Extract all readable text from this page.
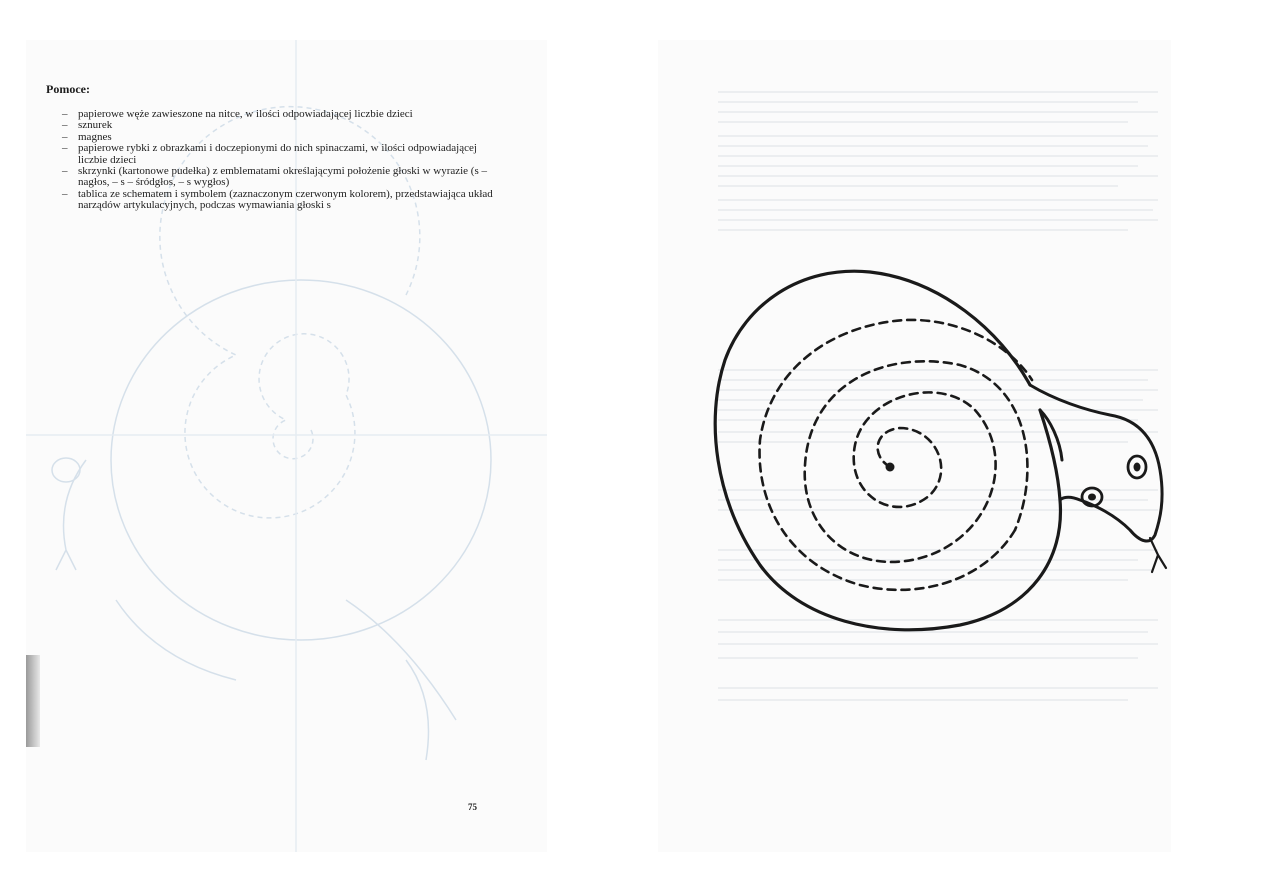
Pomoce:
– papierowe węże zawieszone na nitce, w ilości odpowiadającej liczbie dzieci
– sznurek
– magnes
– papierowe rybki z obrazkami i doczepionymi do nich spinaczami, w ilości odpowiadającej liczbie dzieci
– skrzynki (kartonowe pudełka) z emblematami określającymi położenie głoski w wyrazie (s – nagłos, – s – śródgłos, – s wygłos)
– tablica ze schematem i symbolem (zaznaczonym czerwonym kolorem), przedstawiająca układ narządów artykulacyjnych, podczas wymawiania głoski s
75
